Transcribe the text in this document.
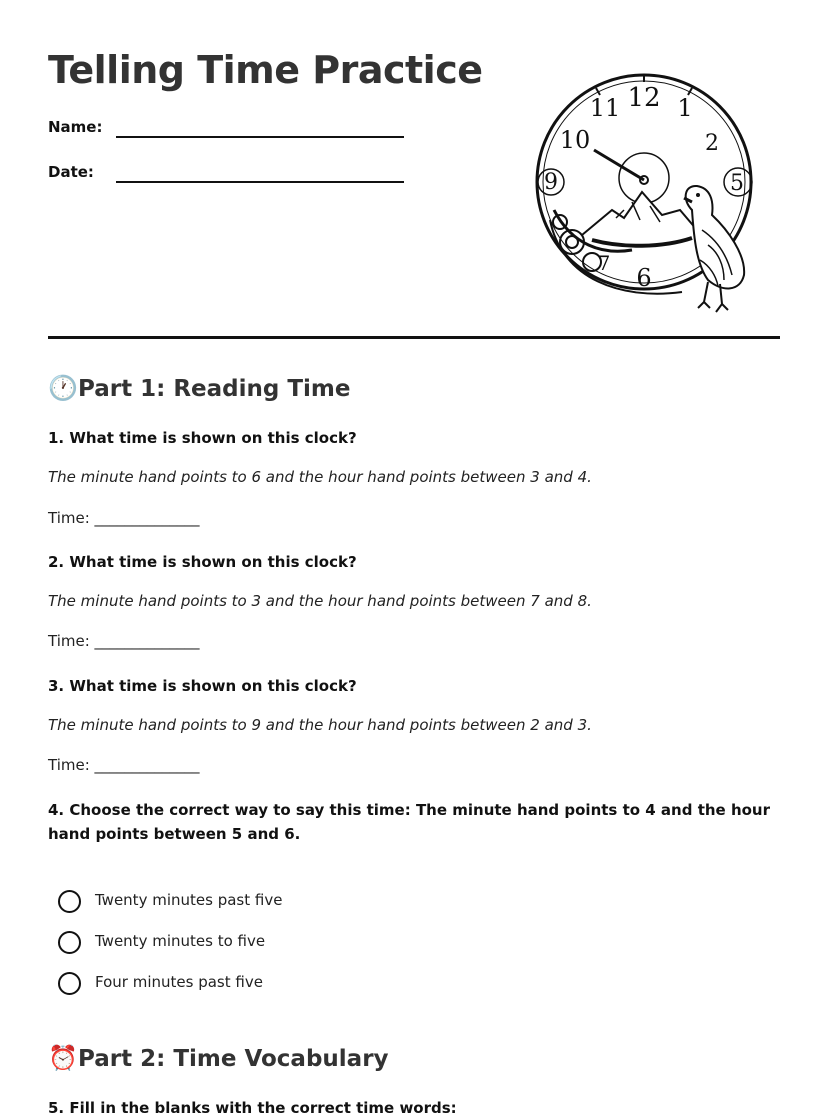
Telling Time Practice
Name:
Date:
12 1
2
5
6
7
9
10
11
🕐Part 1: Reading Time

1. What time is shown on this clock?

The minute hand points to 6 and the hour hand points between 3 and 4.

Time: ______________

2. What time is shown on this clock?

The minute hand points to 3 and the hour hand points between 7 and 8.

Time: ______________

3. What time is shown on this clock?

The minute hand points to 9 and the hour hand points between 2 and 3.

Time: ______________

4. Choose the correct way to say this time: The minute hand points to 4 and the hour hand points between 5 and 6.

Twenty minutes past five
Twenty minutes to five
Four minutes past five
⏰Part 2: Time Vocabulary

5. Fill in the blanks with the correct time words:
